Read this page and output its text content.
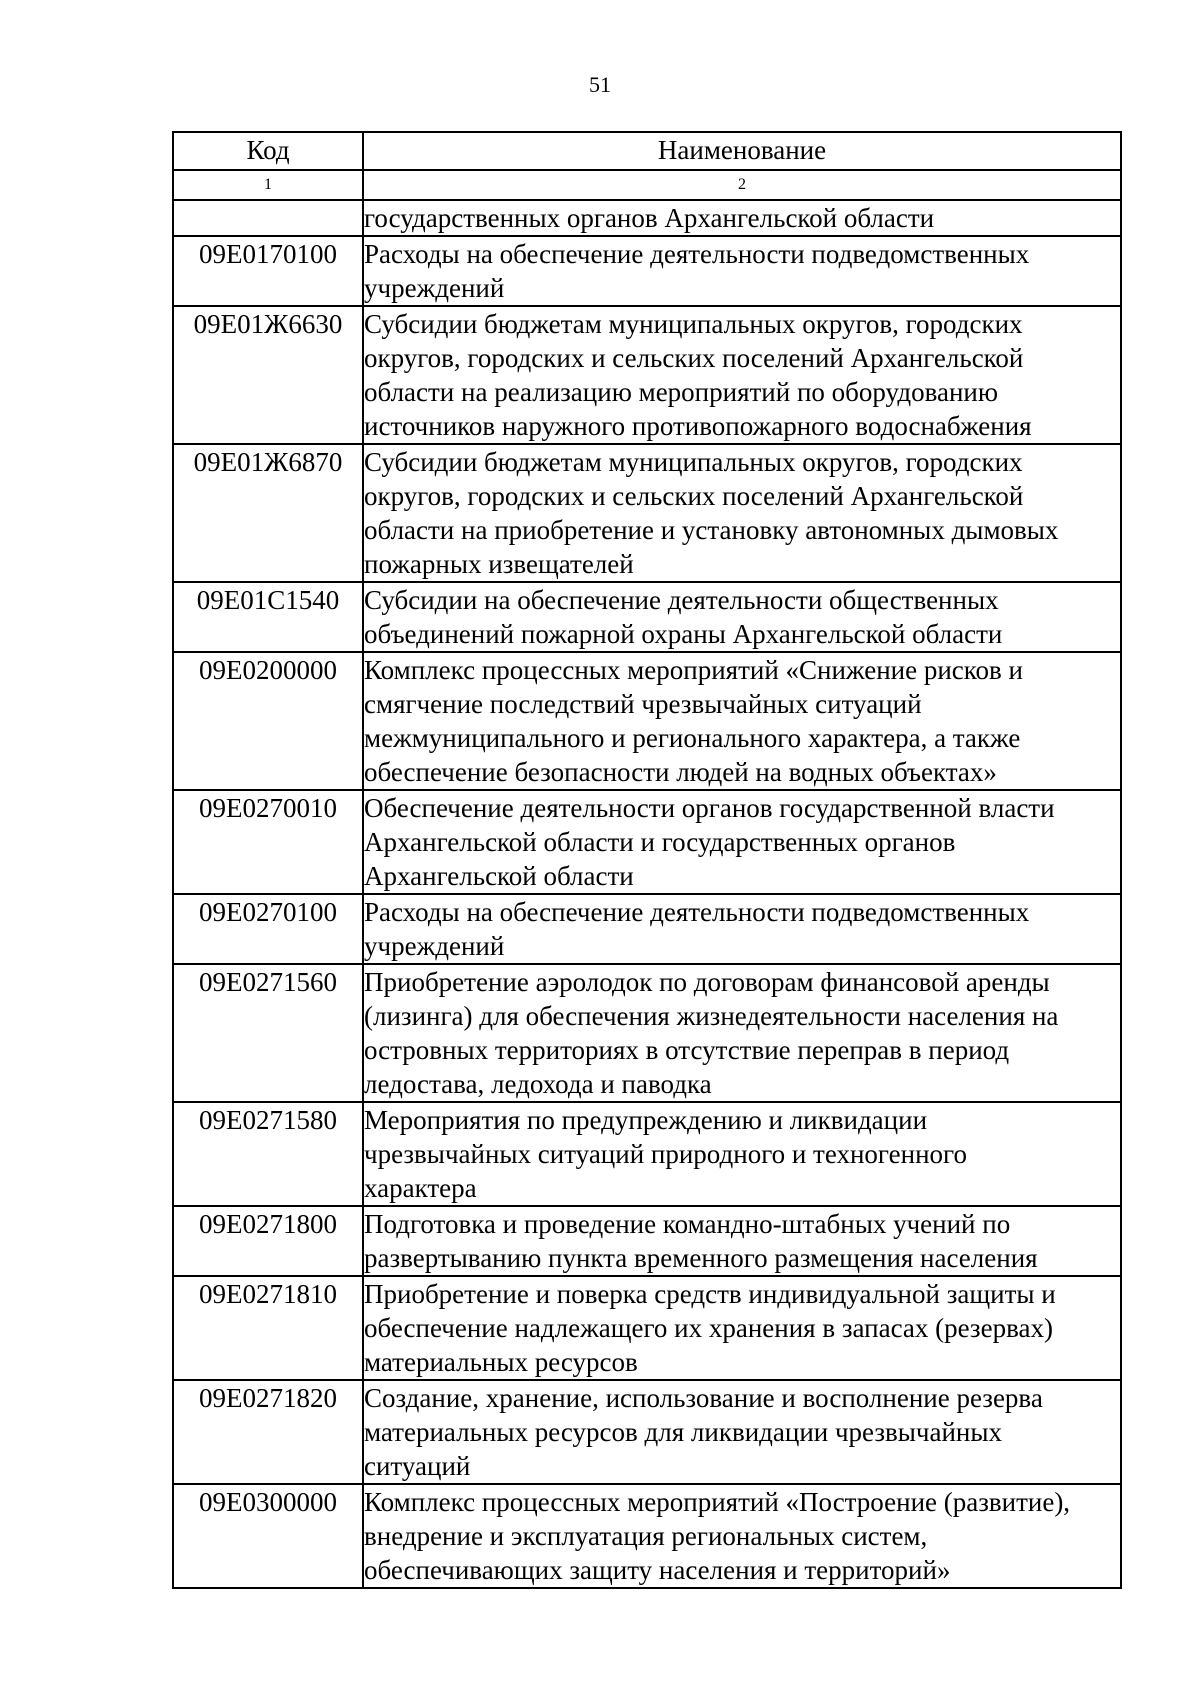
51
Код	Наименование
1	2

	государственных органов Архангельской области

09Е0170100	Расходы на обеспечение деятельности подведомственных
учреждений

09Е01Ж6630	Субсидии бюджетам муниципальных округов, городских
округов, городских и сельских поселений Архангельской
области на реализацию мероприятий по оборудованию
источников наружного противопожарного водоснабжения

09Е01Ж6870	Субсидии бюджетам муниципальных округов, городских
округов, городских и сельских поселений Архангельской
области на приобретение и установку автономных дымовых
пожарных извещателей

09Е01С1540	Субсидии на обеспечение деятельности общественных
объединений пожарной охраны Архангельской области

09Е0200000	Комплекс процессных мероприятий «Снижение рисков и
смягчение последствий чрезвычайных ситуаций
межмуниципального и регионального характера, а также
обеспечение безопасности людей на водных объектах»

09Е0270010	Обеспечение деятельности органов государственной власти
Архангельской области и государственных органов
Архангельской области

09Е0270100	Расходы на обеспечение деятельности подведомственных
учреждений

09Е0271560	Приобретение аэролодок по договорам финансовой аренды
(лизинга) для обеспечения жизнедеятельности населения на
островных территориях в отсутствие переправ в период
ледостава, ледохода и паводка

09Е0271580	Мероприятия по предупреждению и ликвидации
чрезвычайных ситуаций природного и техногенного
характера

09Е0271800	Подготовка и проведение командно-штабных учений по
развертыванию пункта временного размещения населения

09Е0271810	Приобретение и поверка средств индивидуальной защиты и
обеспечение надлежащего их хранения в запасах (резервах)
материальных ресурсов

09Е0271820	Создание, хранение, использование и восполнение резерва
материальных ресурсов для ликвидации чрезвычайных
ситуаций

09Е0300000	Комплекс процессных мероприятий «Построение (развитие),
внедрение и эксплуатация региональных систем,
обеспечивающих защиту населения и территорий»
